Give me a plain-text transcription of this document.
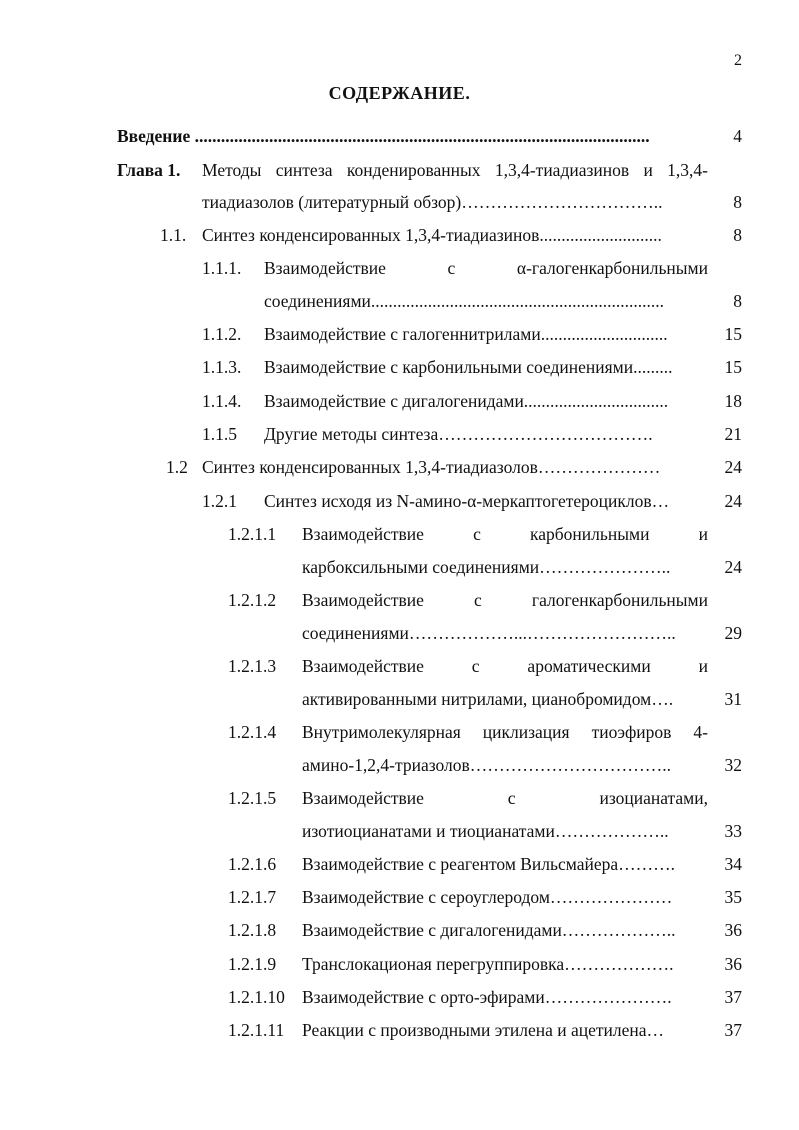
2
СОДЕРЖАНИЕ.
Введение ........................................................................................................	4
Глава 1. Методы синтеза конденированных 1,3,4-тиадиазинов и 1,3,4-
тиадиазолов (литературный обзор)……………………………..	8
1.1. Синтез конденсированных 1,3,4-тиадиазинов............................	8
1.1.1. Взаимодействие	с	α-галогенкарбонильными
соединениями...................................................................	8
1.1.2. Взаимодействие с галогеннитрилами.............................	15
1.1.3. Взаимодействие с карбонильными соединениями.........	15
1.1.4. Взаимодействие с дигалогенидами.................................	18
1.1.5 Другие методы синтеза……………………………….	21
1.2 Синтез конденсированных 1,3,4-тиадиазолов…………………	24
1.2.1 Синтез исходя из N-амино-α-меркаптогетероциклов…	24
1.2.1.1 Взаимодействие	с	карбонильными	и
карбоксильными соединениями…………………..	24
1.2.1.2 Взаимодействие	с	галогенкарбонильными
соединениями………………...……………………..	29
1.2.1.3 Взаимодействие	с	ароматическими	и
активированными нитрилами, цианобромидом….	31
1.2.1.4 Внутримолекулярная циклизация тиоэфиров 4-
амино-1,2,4-триазолов……………………………..	32
1.2.1.5 Взаимодействие	с	изоцианатами,
изотиоцианатами и тиоцианатами………………..	33
1.2.1.6 Взаимодействие с реагентом Вильсмайера……….	34
1.2.1.7 Взаимодействие с сероуглеродом…………………	35
1.2.1.8 Взаимодействие с дигалогенидами………………..	36
1.2.1.9 Транслокационая перегруппировка……………….	36
1.2.1.10 Взаимодействие с орто-эфирами………………….	37
1.2.1.11 Реакции с производными этилена и ацетилена…	37
